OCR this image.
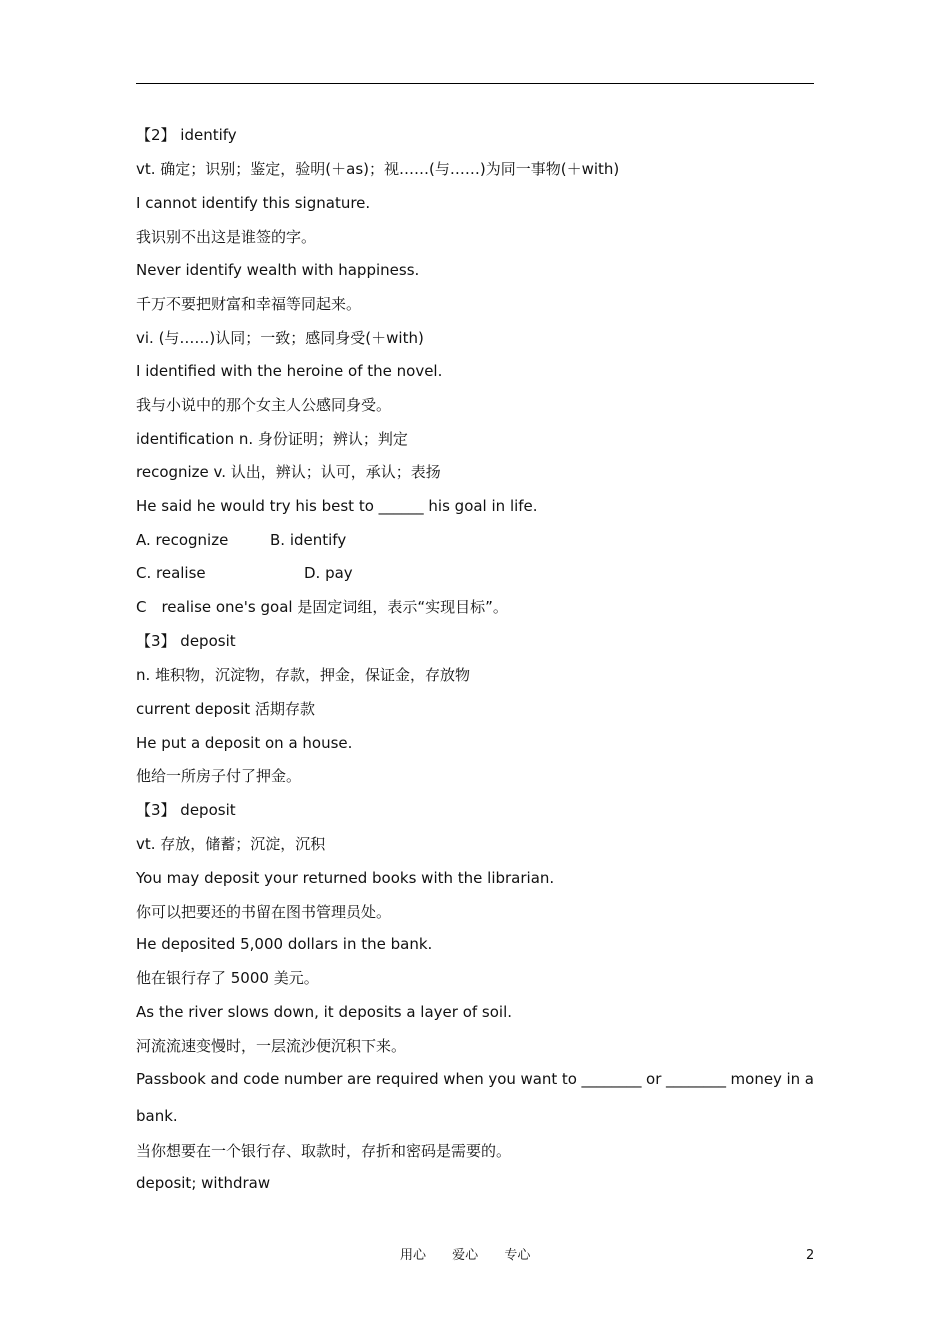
【2】 identify
vt. 确定；识别；鉴定，验明(＋as)；视……(与……)为同一事物(＋with)
I cannot identify this signature.
我识别不出这是谁签的字。
Never identify wealth with happiness.
千万不要把财富和幸福等同起来。
vi. (与……)认同；一致；感同身受(＋with)
I identified with the heroine of the novel.
我与小说中的那个女主人公感同身受。
identification n. 身份证明；辨认；判定
recognize v. 认出，辨认；认可，承认；表扬
He said he would try his best to ______ his goal in life.
A. recognize	B. identify
C. realise	D. pay
C　realise one's goal 是固定词组，表示“实现目标”。
【3】 deposit
n. 堆积物，沉淀物，存款，押金，保证金，存放物
current deposit 活期存款
He put a deposit on a house.
他给一所房子付了押金。
【3】 deposit
vt. 存放，储蓄；沉淀，沉积
You may deposit your returned books with the librarian.
你可以把要还的书留在图书管理员处。
He deposited 5,000 dollars in the bank.
他在银行存了 5000 美元。
As the river slows down, it deposits a layer of soil.
河流流速变慢时，一层流沙便沉积下来。
Passbook and code number are required when you want to ________ or ________ money in a
bank.
当你想要在一个银行存、取款时，存折和密码是需要的。
deposit; withdraw
用心 爱心 专心	2
